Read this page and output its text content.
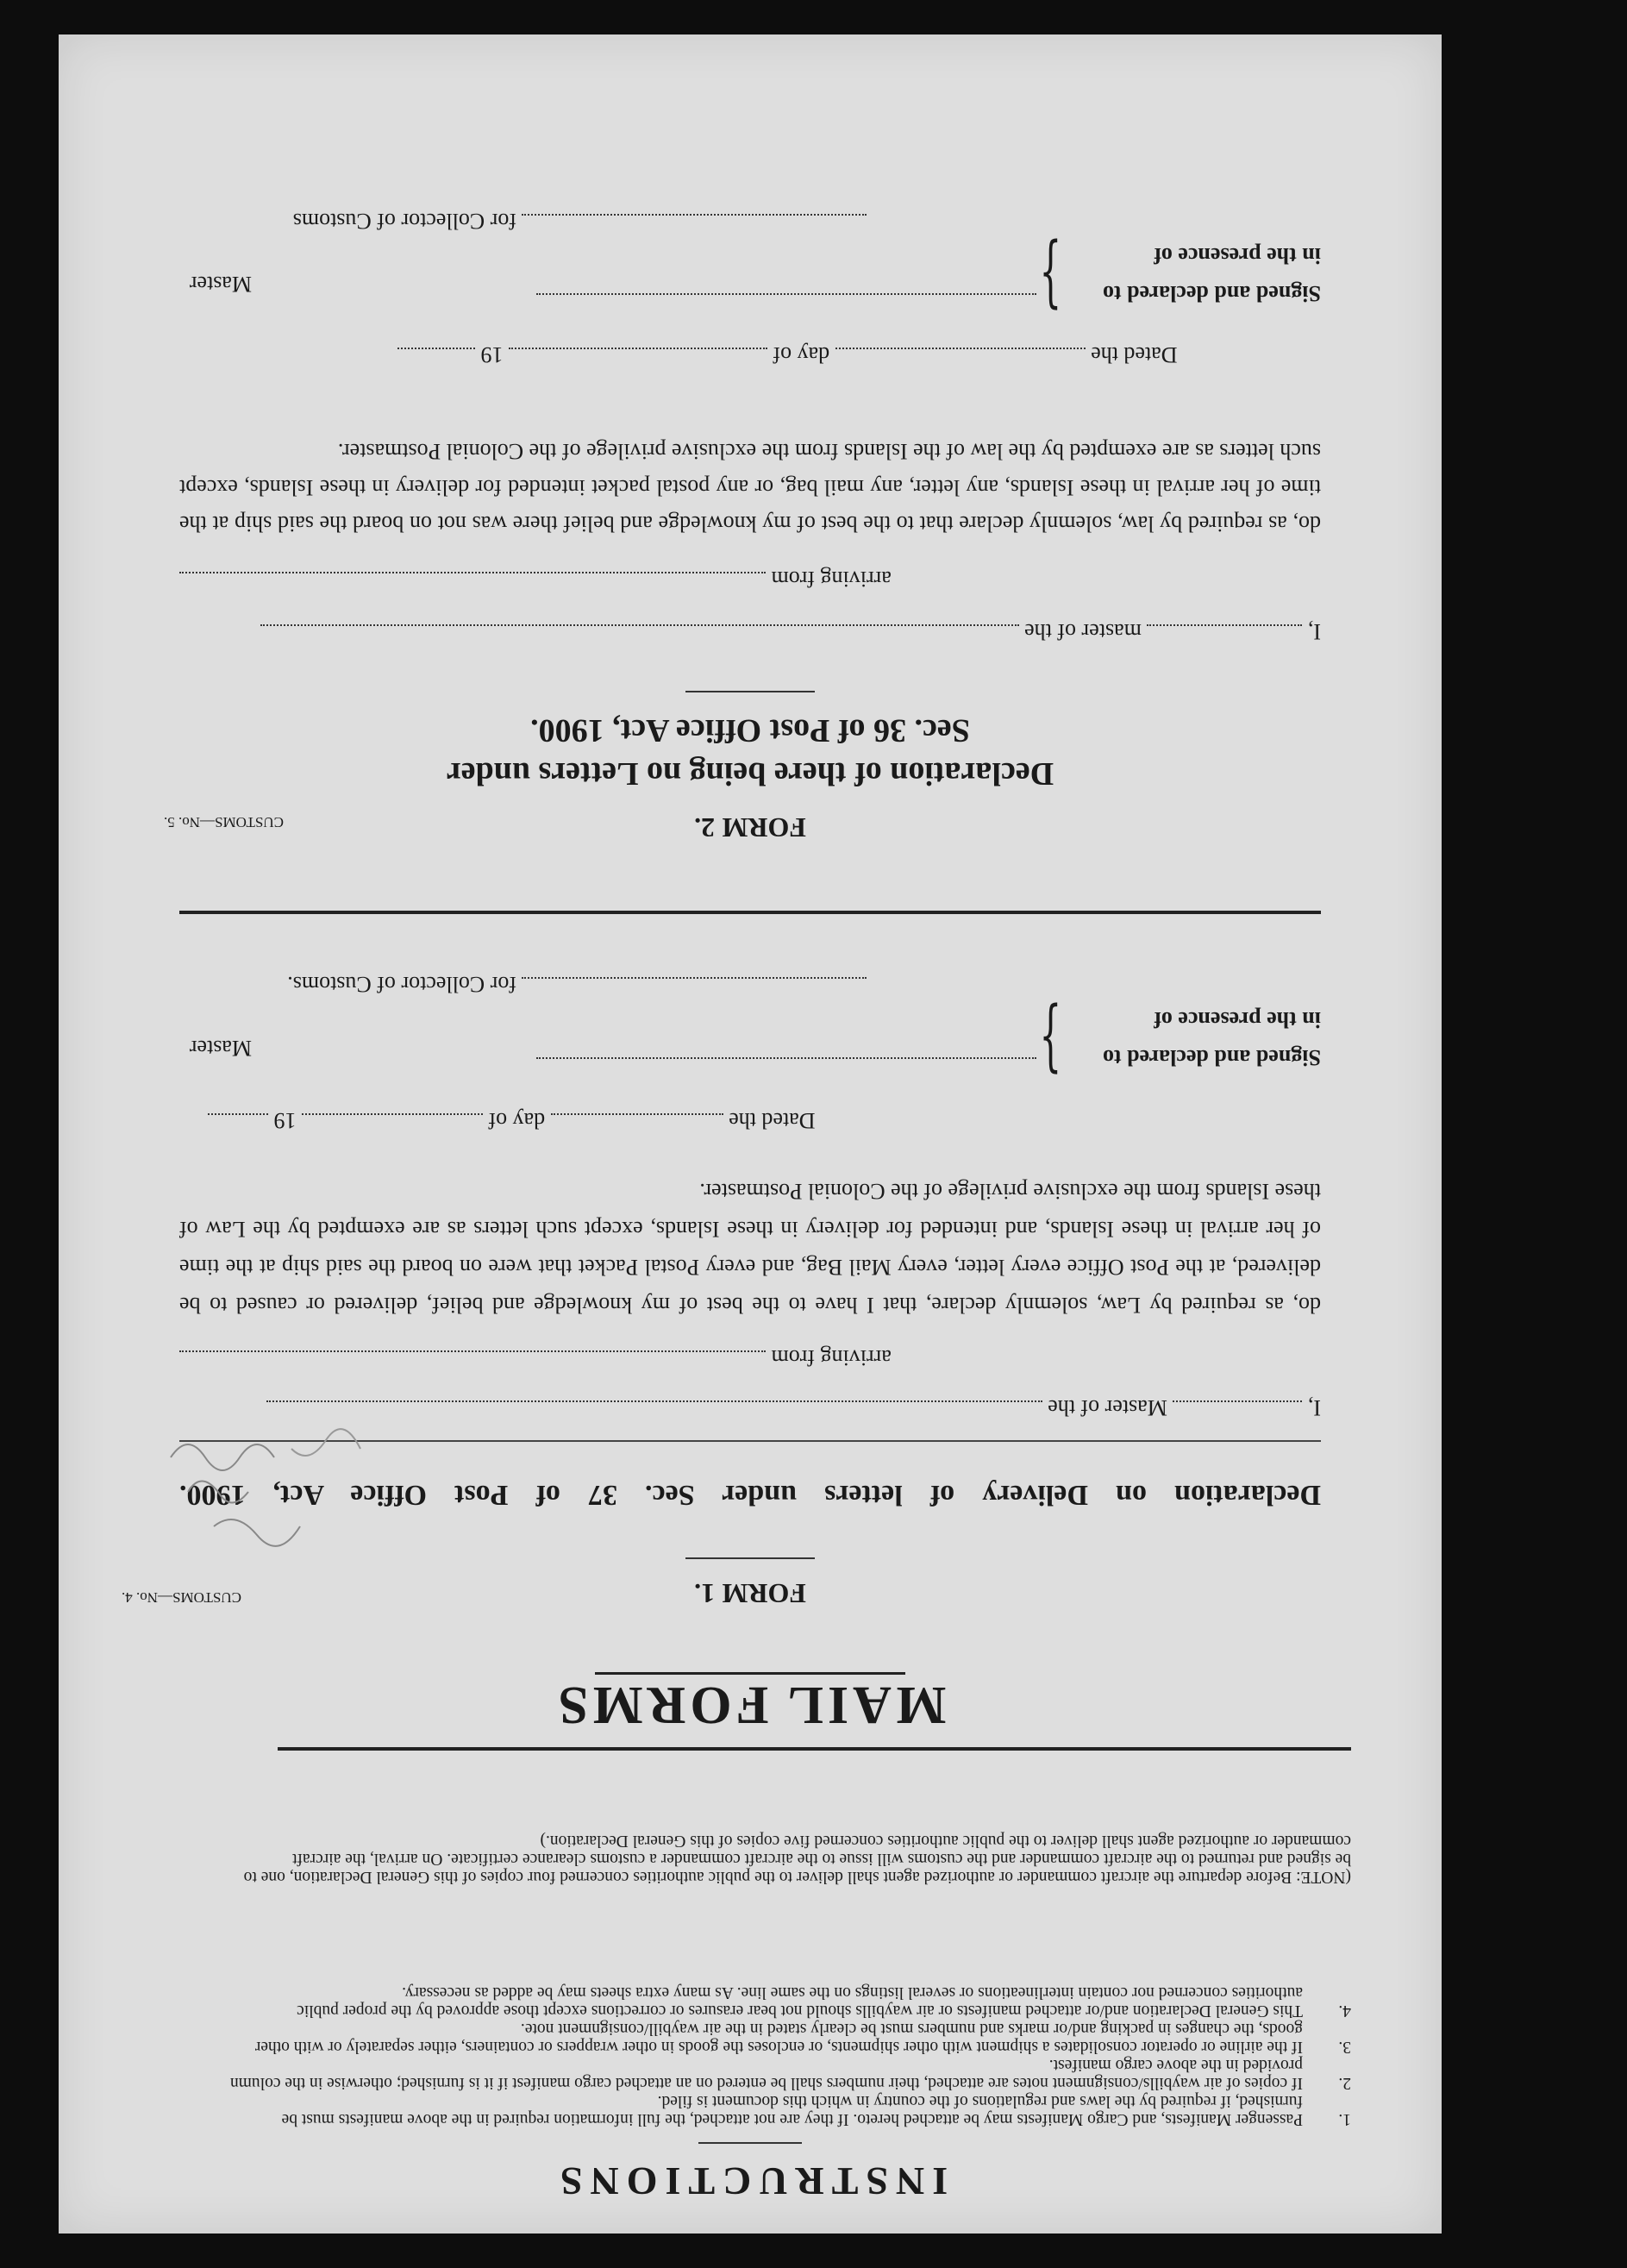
INSTRUCTIONS
1.
Passenger Manifests, and Cargo Manifests may be attached hereto. If they are not attached, the full information required in the above manifests must be furnished, if required by the laws and regulations of the country in which this document is filed.
2.
If copies of air waybills/consignment notes are attached, their numbers shall be entered on an attached cargo manifest if it is furnished; otherwise in the column provided in the above cargo manifest.
3.
If the airline or operator consolidates a shipment with other shipments, or encloses the goods in other wrappers or containers, either separately or with other goods, the changes in packing and/or marks and numbers must be clearly stated in the air waybill/consignment note.
4.
This General Declaration and/or attached manifests or air waybills should not bear erasures or corrections except those approved by the proper public authorities concerned nor contain interlineations or several listings on the same line. As many extra sheets may be added as necessary.
(NOTE: Before departure the aircraft commander or authorized agent shall deliver to the public authorities concerned four copies of this General Declaration, one to be signed and returned to the aircraft commander and the customs will issue to the aircraft commander a customs clearance certificate. On arrival, the aircraft commander or authorized agent shall deliver to the public authorities concerned five copies of this General Declaration.)
MAIL FORMS
CUSTOMS—No. 4.	FORM 1.
Declaration on Delivery of letters under Sec. 37 of Post Office Act, 1900.
I,  Master of the
arriving from
do, as required by Law, solemnly declare, that I have to the best of my knowledge and belief, delivered or caused to be delivered, at the Post Office every letter, every Mail Bag, and every Postal Packet that were on board the said ship at the time of her arrival in these Islands, and intended for delivery in these Islands, except such letters as are exempted by the Law of these Islands from the exclusive privilege of the Colonial Postmaster.
Dated the  day of  19
Signed and declared to
in the presence of
}
Master
for Collector of Customs.
CUSTOMS—No. 5.	FORM 2.
Declaration of there being no Letters under
Sec. 36 of Post Office Act, 1900.
I,  master of the
arriving from
do, as required by law, solemnly declare that to the best of my knowledge and belief there was not on board the said ship at the time of her arrival in these Islands, any letter, any mail bag, or any postal packet intended for delivery in these Islands, except such letters as are exempted by the law of the Islands from the exclusive privilege of the Colonial Postmaster.
Dated the  day of  19
Signed and declared to
in the presence of
}
Master
for Collector of Customs
